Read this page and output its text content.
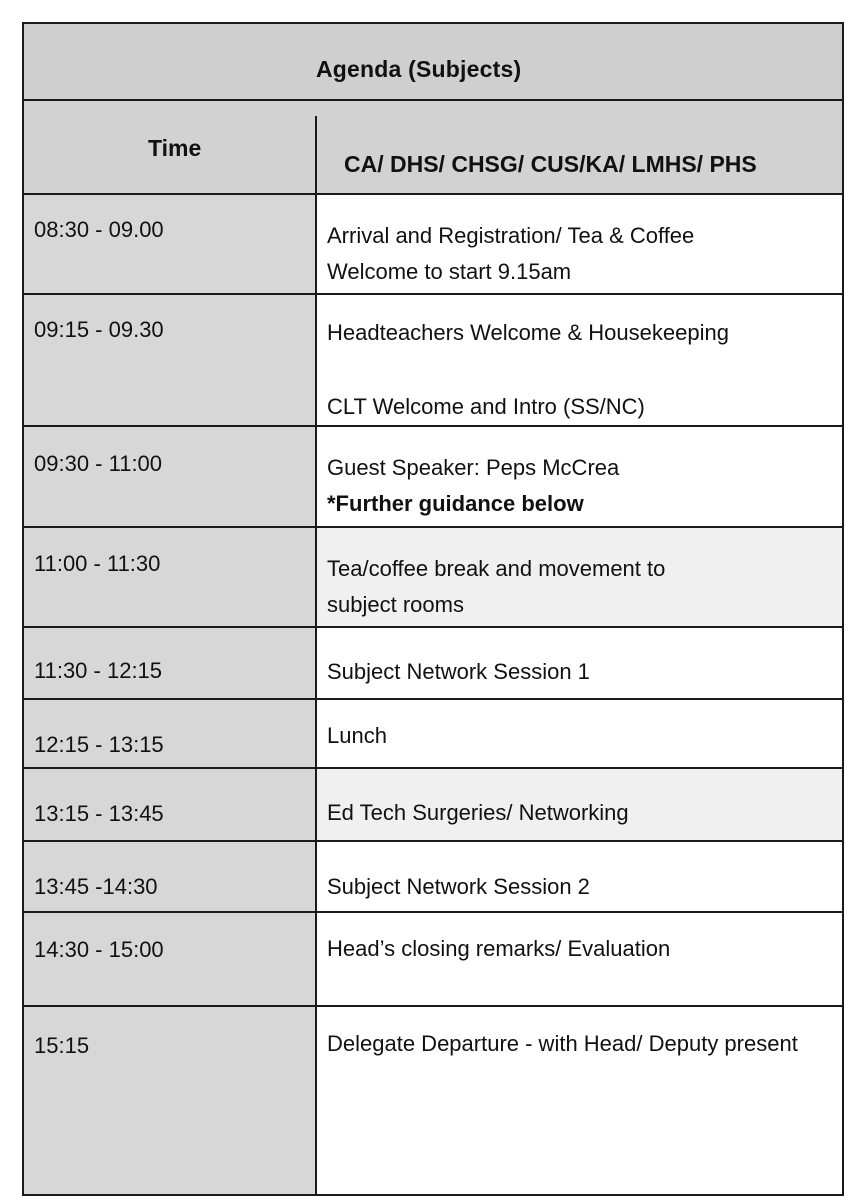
Agenda (Subjects)
Time
CA/ DHS/ CHSG/ CUS/KA/ LMHS/ PHS
08:30 - 09.00	Arrival and Registration/ Tea & Coffee
Welcome to start 9.15am
09:15 - 09.30	Headteachers Welcome & Housekeeping
CLT Welcome and Intro (SS/NC)
09:30 - 11:00	Guest Speaker: Peps McCrea
*Further guidance below
11:00 - 11:30	Tea/coffee break and movement to
subject rooms
11:30 - 12:15	Subject Network Session 1
12:15 - 13:15	Lunch
13:15 - 13:45	Ed Tech Surgeries/ Networking
13:45 -14:30	Subject Network Session 2
14:30 - 15:00	Head’s closing remarks/ Evaluation
15:15	Delegate Departure - with Head/ Deputy present
